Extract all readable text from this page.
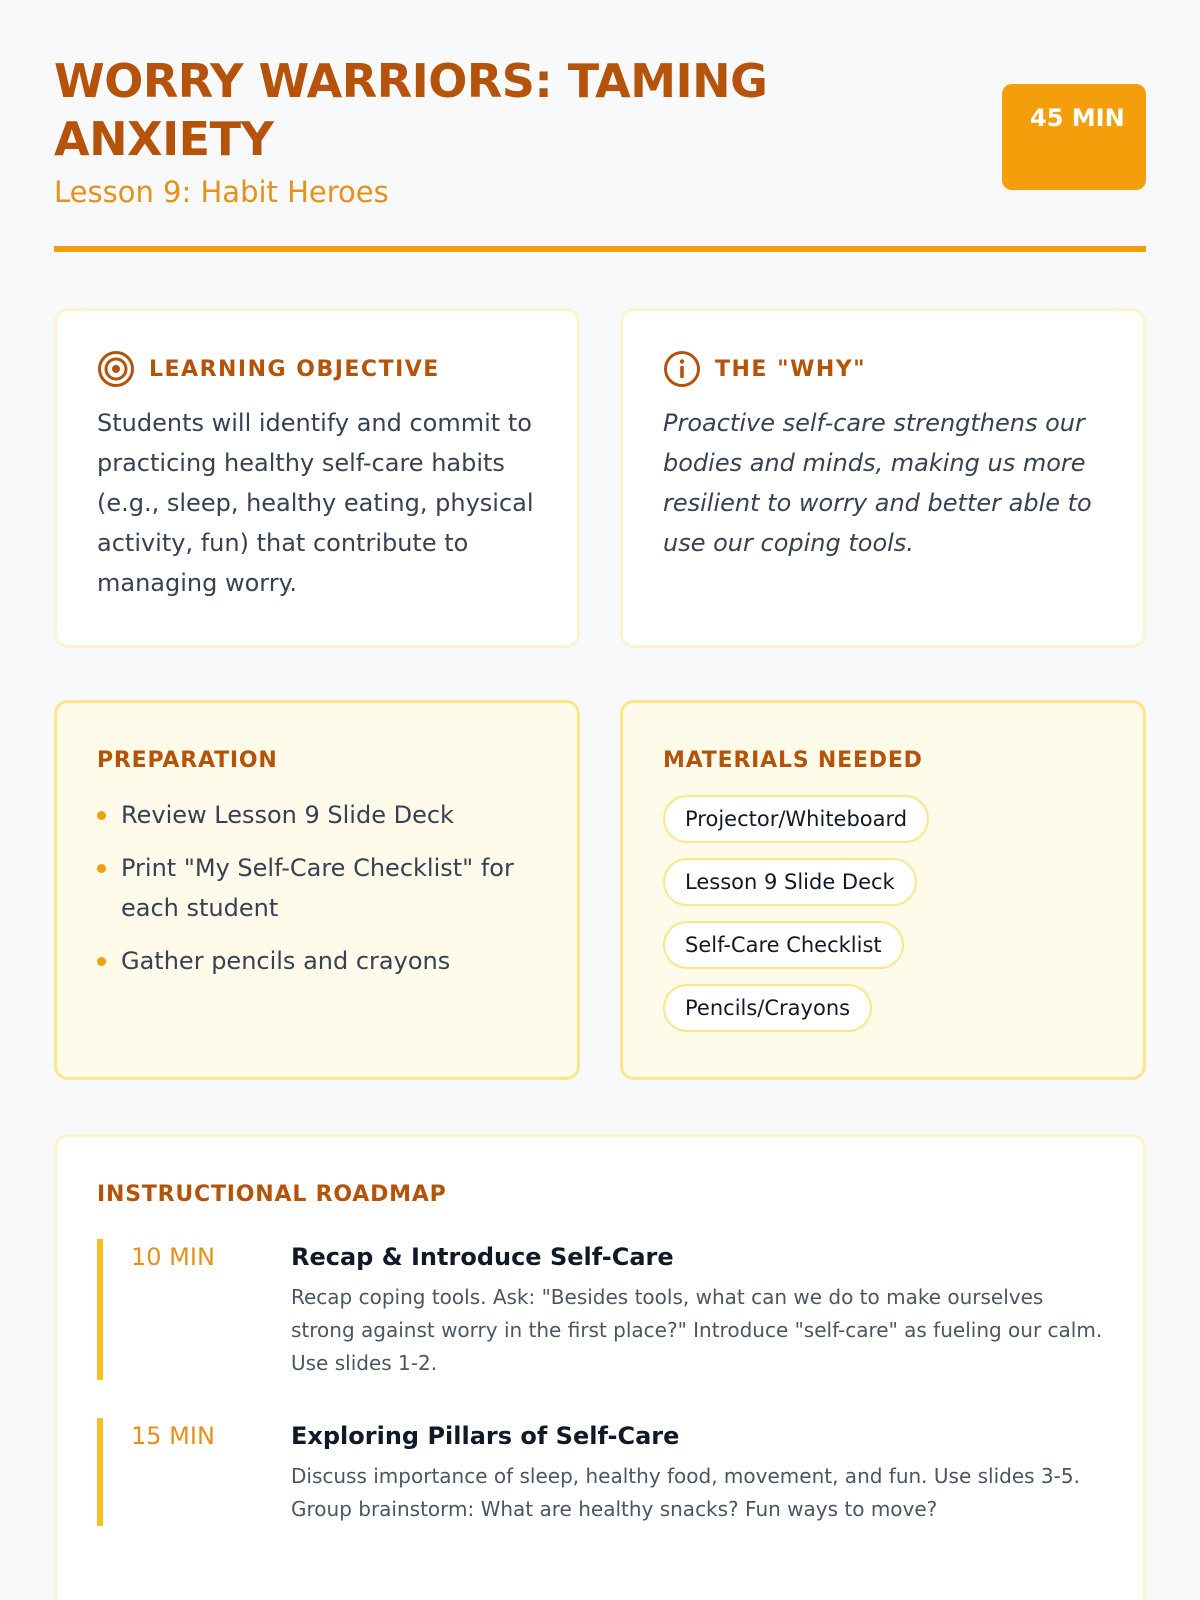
WORRY WARRIORS: TAMING ANXIETY
Lesson 9: Habit Heroes
45 MIN
LEARNING OBJECTIVE

Students will identify and commit to practicing healthy self-care habits (e.g., sleep, healthy eating, physical activity, fun) that contribute to managing worry.

THE "WHY"

Proactive self-care strengthens our bodies and minds, making us more resilient to worry and better able to use our coping tools.

PREPARATION
Review Lesson 9 Slide Deck
Print "My Self-Care Checklist" for each student
Gather pencils and crayons
MATERIALS NEEDED
Projector/Whiteboard
Lesson 9 Slide Deck
Self-Care Checklist
Pencils/Crayons
INSTRUCTIONAL ROADMAP
10 MIN	Recap & Introduce Self-Care
Recap coping tools. Ask: "Besides tools, what can we do to make ourselves strong against worry in the first place?" Introduce "self-care" as fueling our calm. Use slides 1-2.
15 MIN	Exploring Pillars of Self-Care
Discuss importance of sleep, healthy food, movement, and fun. Use slides 3-5. Group brainstorm: What are healthy snacks? Fun ways to move?
